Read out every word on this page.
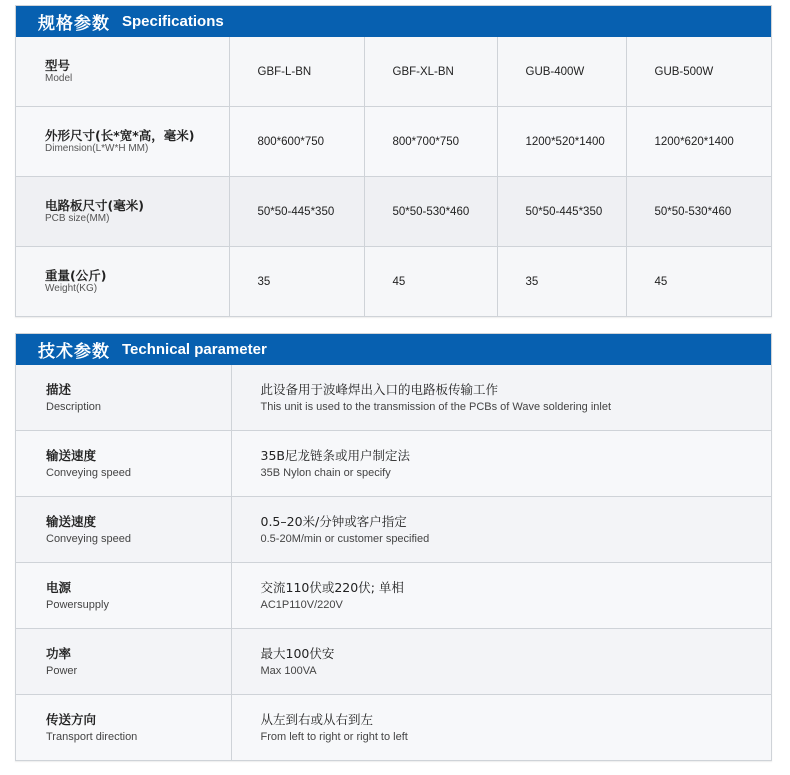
规格参数 Specifications
型号
Model	GBF-L-BN	GBF-XL-BN	GUB-400W	GUB-500W

外形尺寸(长*宽*高，毫米)
Dimension(L*W*H MM)	800*600*750	800*700*750	1200*520*1400	1200*620*1400

电路板尺寸(毫米)
PCB size(MM)	50*50-445*350	50*50-530*460	50*50-445*350	50*50-530*460

重量(公斤)
Weight(KG)	35	45	35	45
技术参数 Technical parameter
描述
Description	此设备用于波峰焊出入口的电路板传输工作
This unit is used to the transmission of the PCBs of Wave soldering inlet

输送速度
Conveying speed	35B尼龙链条或用户制定法
35B Nylon chain or specify

输送速度
Conveying speed	0.5–20米/分钟或客户指定
0.5-20M/min or customer specified

电源
Powersupply	交流110伏或220伏; 单相
AC1P110V/220V

功率
Power	最大100伏安
Max 100VA

传送方向
Transport direction	从左到右或从右到左
From left to right or right to left
